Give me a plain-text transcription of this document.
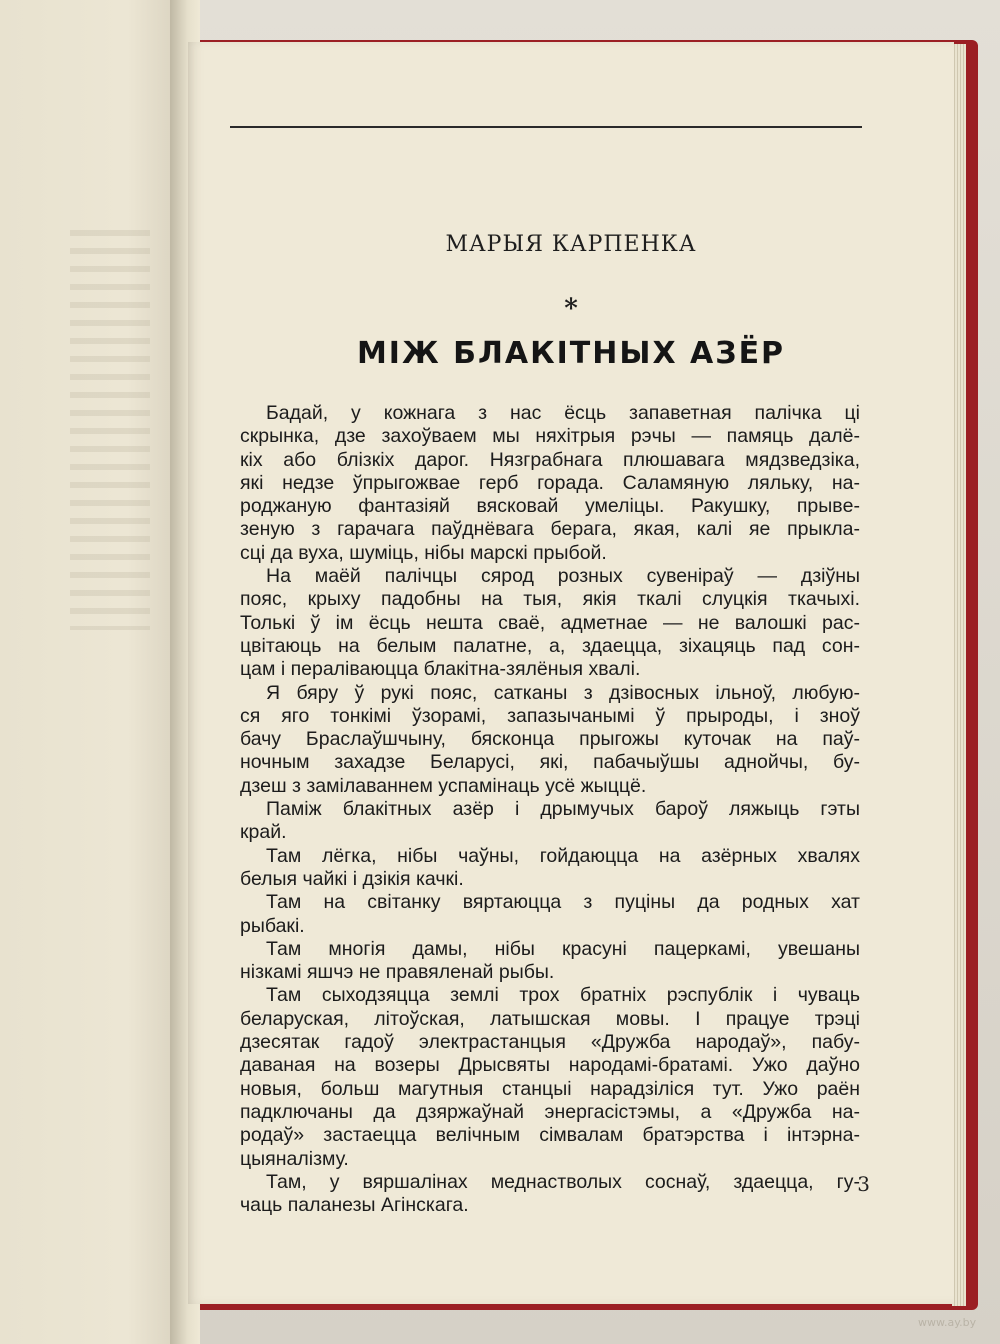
МАРЫЯ КАРПЕНКА
*
МІЖ БЛАКІТНЫХ АЗЁР

Бадай, у кожнага з нас ёсць запаветная палічка ці
скрынка, дзе захоўваем мы няхітрыя рэчы — памяць далё-
кіх або блізкіх дарог. Нязграбнага плюшавага мядзведзіка,
які недзе ўпрыгожвае герб горада. Саламяную ляльку, на-
роджаную фантазіяй вясковай умеліцы. Ракушку, прывe-
зеную з гарачага паўднёвага берага, якая, калі яе прыкла-
сці да вуха, шуміць, нібы марскі прыбой.

На маёй палічцы сярод розных сувеніраў — дзіўны
пояс, крыху падобны на тыя, якія ткалі слуцкія ткачыхі.
Толькі ў ім ёсць нешта сваё, адметнае — не валошкі рас-
цвітаюць на белым палатне, а, здаецца, зіхацяць пад сон-
цам і пераліваюцца блакітна-зялёныя хвалі.

Я бяру ў рукі пояс, сатканы з дзівосных ільноў, любую-
ся яго тонкімі ўзорамі, запазычанымі ў прыроды, і зноў
бачу Браслаўшчыну, бясконца прыгожы куточак на паў-
ночным захадзе Беларусі, які, пабачыўшы аднойчы, бу-
дзеш з замілаваннем успамінаць усё жыццё.

Паміж блакітных азёр і дрымучых бароў ляжыць гэты
край.

Там лёгка, нібы чаўны, гойдаюцца на азёрных хвалях
белыя чайкі і дзікія качкі.

Там на світанку вяртаюцца з пуціны да родных хат
рыбакі.

Там многія дамы, нібы красуні пацеркамі, увешаны
нізкамі яшчэ не правяленай рыбы.

Там сыходзяцца землі трох братніх рэспублік і чуваць
беларуская, літоўская, латышская мовы. І працуе трэці
дзесятак гадоў электрастанцыя «Дружба народаў», пабу-
даваная на возеры Дрысвяты народамі-братамі. Ужо даўно
новыя, больш магутныя станцыі нарадзіліся тут. Ужо раён
падключаны да дзяржаўнай энергасістэмы, а «Дружба на-
родаў» застаецца велічным сімвалам братэрства і інтэрна-
цыяналізму.

Там, у вяршалінах меднастволых соснаў, здаецца, гу-
чаць паланезы Агінскага.

3
www.ay.by
